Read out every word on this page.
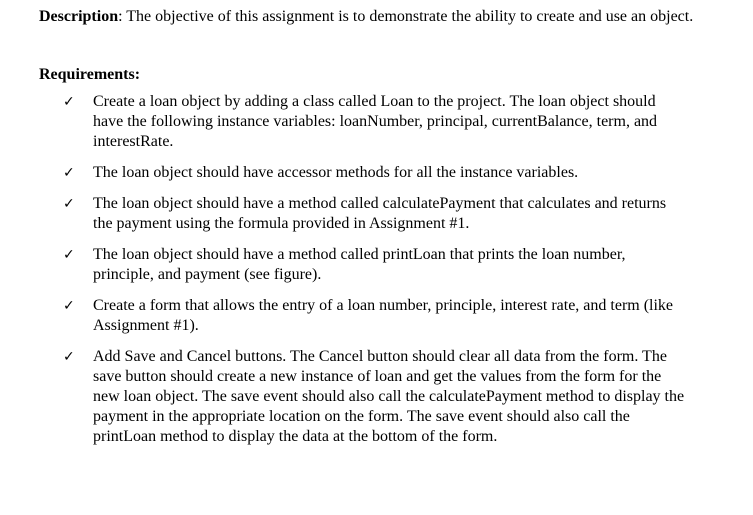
Description: The objective of this assignment is to demonstrate the ability to create and use an object.
Requirements:
✓ Create a loan object by adding a class called Loan to the project. The loan object should have the following instance variables: loanNumber, principal, currentBalance, term, and interestRate.
✓ The loan object should have accessor methods for all the instance variables.
✓ The loan object should have a method called calculatePayment that calculates and returns the payment using the formula provided in Assignment #1.
✓ The loan object should have a method called printLoan that prints the loan number, principle, and payment (see figure).
✓ Create a form that allows the entry of a loan number, principle, interest rate, and term (like Assignment #1).
✓ Add Save and Cancel buttons. The Cancel button should clear all data from the form. The save button should create a new instance of loan and get the values from the form for the new loan object. The save event should also call the calculatePayment method to display the payment in the appropriate location on the form. The save event should also call the printLoan method to display the data at the bottom of the form.
